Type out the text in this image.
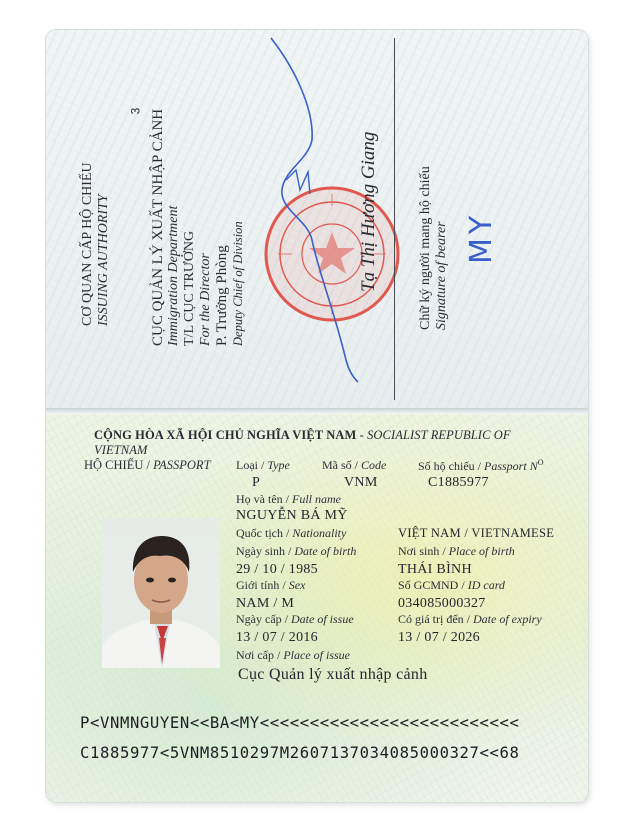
3
CƠ QUAN CẤP HỘ CHIẾU ISSUING AUTHORITY	CỤC QUẢN LÝ XUẤT NHẬP CẢNH Immigration Department T/L CỤC TRƯỞNG For the Director P. Trưởng Phòng Deputy Chief of Division	Tạ Thị Hương Giang	Chữ ký người mang hộ chiếu Signature of bearer MY
CỘNG HÒA XÃ HỘI CHỦ NGHĨA VIỆT NAM - SOCIALIST REPUBLIC OF VIETNAM
HỘ CHIẾU / PASSPORT Loại / Type	Mã số / Code	Số hộ chiếu / Passport $N^O$
P	VNM	C1885977
Họ và tên / Full name
NGUYỄN BÁ MỸ
Quốc tịch / Nationality	VIỆT NAM / VIETNAMESE
Ngày sinh / Date of birth	Nơi sinh / Place of birth
29 / 10 / 1985	THÁI BÌNH
Giới tính / Sex	Số GCMND / ID card
NAM / M	034085000327
Ngày cấp / Date of issue	Có giá trị đến / Date of expiry
13 / 07 / 2016	13 / 07 / 2026
Nơi cấp / Place of issue
Cục Quản lý xuất nhập cảnh
P<VNMNGUYEN<<BA<MY<<<<<<<<<<<<<<<<<<<<<<<<<<
C1885977<5VNM8510297M2607137034085000327<<68
